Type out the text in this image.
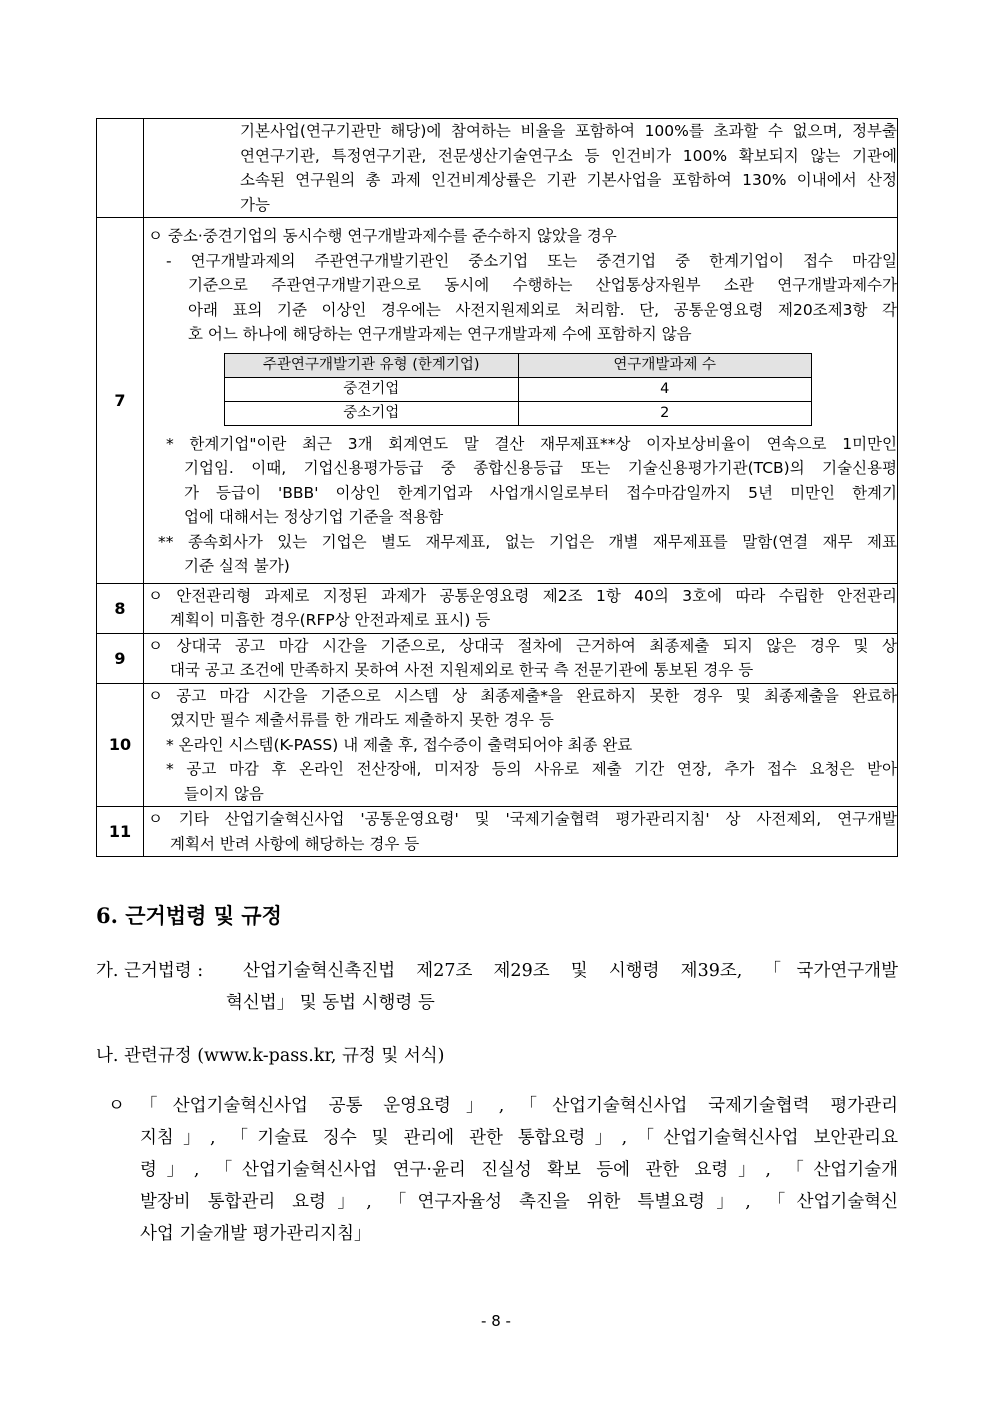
기본사업(연구기관만 해당)에 참여하는 비율을 포함하여 100%를 초과할 수 없으며, 정부출
연연구기관, 특정연구기관, 전문생산기술연구소 등 인건비가 100% 확보되지 않는 기관에
소속된 연구원의 총 과제 인건비계상률은 기관 기본사업을 포함하여 130% 이내에서 산정
가능

7	
ㅇ 중소·중견기업의 동시수행 연구개발과제수를 준수하지 않았을 경우
- 연구개발과제의 주관연구개발기관인 중소기업 또는 중견기업 중 한계기업이 접수 마감일
기준으로 주관연구개발기관으로 동시에 수행하는 산업통상자원부 소관 연구개발과제수가
아래 표의 기준 이상인 경우에는 사전지원제외로 처리함. 단, 공통운영요령 제20조제3항 각
호 어느 하나에 해당하는 연구개발과제는 연구개발과제 수에 포함하지 않음
주관연구개발기관 유형 (한계기업)	연구개발과제 수
중견기업	4
중소기업	2
* 한계기업"이란 최근 3개 회계연도 말 결산 재무제표**상 이자보상비율이 연속으로 1미만인
기업임. 이때, 기업신용평가등급 중 종합신용등급 또는 기술신용평가기관(TCB)의 기술신용평
가 등급이 'BBB' 이상인 한계기업과 사업개시일로부터 접수마감일까지 5년 미만인 한계기
업에 대해서는 정상기업 기준을 적용함
** 종속회사가 있는 기업은 별도 재무제표, 없는 기업은 개별 재무제표를 말함(연결 재무 제표
기준 실적 불가)

8	
ㅇ 안전관리형 과제로 지정된 과제가 공통운영요령 제2조 1항 40의 3호에 따라 수립한 안전관리
계획이 미흡한 경우(RFP상 안전과제로 표시) 등

9	
ㅇ 상대국 공고 마감 시간을 기준으로, 상대국 절차에 근거하여 최종제출 되지 않은 경우 및 상
대국 공고 조건에 만족하지 못하여 사전 지원제외로 한국 측 전문기관에 통보된 경우 등

10	
ㅇ 공고 마감 시간을 기준으로 시스템 상 최종제출*을 완료하지 못한 경우 및 최종제출을 완료하
였지만 필수 제출서류를 한 개라도 제출하지 못한 경우 등
* 온라인 시스템(K-PASS) 내 제출 후, 접수증이 출력되어야 최종 완료
* 공고 마감 후 온라인 전산장애, 미저장 등의 사유로 제출 기간 연장, 추가 접수 요청은 받아
들이지 않음

11	
ㅇ 기타 산업기술혁신사업 '공통운영요령' 및 '국제기술협력 평가관리지침' 상 사전제외, 연구개발
계획서 반려 사항에 해당하는 경우 등
6. 근거법령 및 규정
가. 근거법령 : 산업기술혁신촉진법 제27조 제29조 및 시행령 제39조, 「국가연구개발
혁신법」 및 동법 시행령 등
나. 관련규정 (www.k-pass.kr, 규정 및 서식)
ㅇ 「산업기술혁신사업 공통 운영요령」,「산업기술혁신사업 국제기술협력 평가관리
지침」, 「기술료 징수 및 관리에 관한 통합요령」,「산업기술혁신사업 보안관리요
령」, 「산업기술혁신사업 연구·윤리 진실성 확보 등에 관한 요령」, 「산업기술개
발장비 통합관리 요령」, 「연구자율성 촉진을 위한 특별요령」, 「산업기술혁신
사업 기술개발 평가관리지침」
- 8 -
